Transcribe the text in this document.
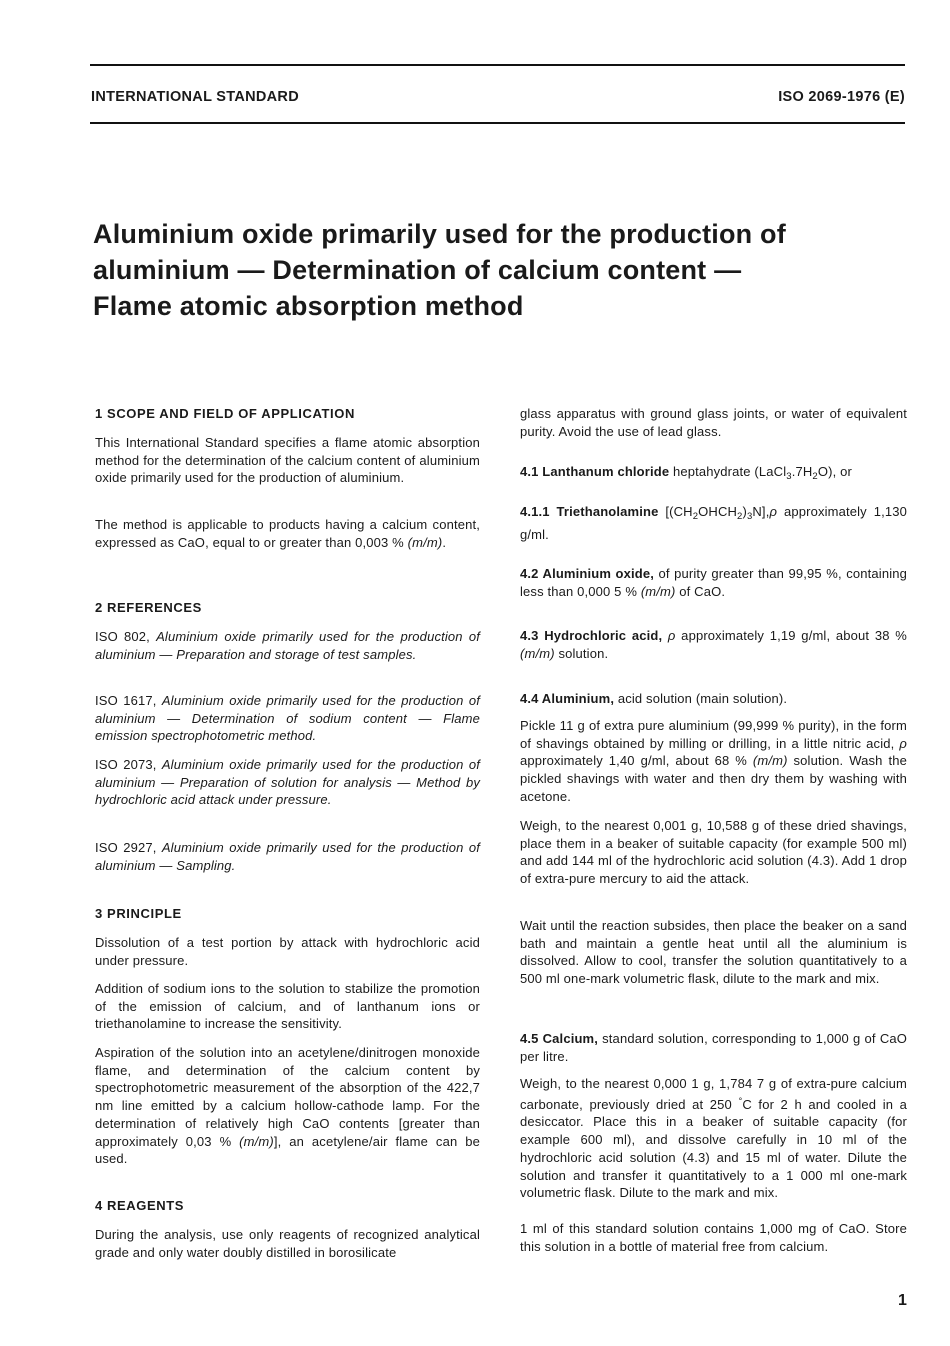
INTERNATIONAL STANDARD	ISO 2069-1976 (E)
Aluminium oxide primarily used for the production of
aluminium — Determination of calcium content —
Flame atomic absorption method
1 SCOPE AND FIELD OF APPLICATION
This International Standard specifies a flame atomic absorption method for the determination of the calcium content of aluminium oxide primarily used for the production of aluminium.
The method is applicable to products having a calcium content, expressed as CaO, equal to or greater than 0,003 % (m/m).
2 REFERENCES
ISO 802, Aluminium oxide primarily used for the production of aluminium — Preparation and storage of test samples.
ISO 1617, Aluminium oxide primarily used for the production of aluminium — Determination of sodium content — Flame emission spectrophotometric method.
ISO 2073, Aluminium oxide primarily used for the production of aluminium — Preparation of solution for analysis — Method by hydrochloric acid attack under pressure.
ISO 2927, Aluminium oxide primarily used for the production of aluminium — Sampling.
3 PRINCIPLE
Dissolution of a test portion by attack with hydrochloric acid under pressure.
Addition of sodium ions to the solution to stabilize the promotion of the emission of calcium, and of lanthanum ions or triethanolamine to increase the sensitivity.
Aspiration of the solution into an acetylene/dinitrogen monoxide flame, and determination of the calcium content by spectrophotometric measurement of the absorption of the 422,7 nm line emitted by a calcium hollow-cathode lamp. For the determination of relatively high CaO contents [greater than approximately 0,03 % (m/m)], an acetylene/air flame can be used.
4 REAGENTS
During the analysis, use only reagents of recognized analytical grade and only water doubly distilled in borosilicate
glass apparatus with ground glass joints, or water of equivalent purity. Avoid the use of lead glass.
4.1 Lanthanum chloride heptahydrate $(LaCl_3.7H_2O)$, or
4.1.1 Triethanolamine $[(CH_2OHCH_2)_3N],\rho$ approximately 1,130 g/ml.
4.2 Aluminium oxide, of purity greater than 99,95 %, containing less than 0,000 5 % (m/m) of CaO.
4.3 Hydrochloric acid, ρ approximately 1,19 g/ml, about 38 % (m/m) solution.
4.4 Aluminium, acid solution (main solution).
Pickle 11 g of extra pure aluminium (99,999 % purity), in the form of shavings obtained by milling or drilling, in a little nitric acid, ρ approximately 1,40 g/ml, about 68 % (m/m) solution. Wash the pickled shavings with water and then dry them by washing with acetone.
Weigh, to the nearest 0,001 g, 10,588 g of these dried shavings, place them in a beaker of suitable capacity (for example 500 ml) and add 144 ml of the hydrochloric acid solution (4.3). Add 1 drop of extra-pure mercury to aid the attack.
Wait until the reaction subsides, then place the beaker on a sand bath and maintain a gentle heat until all the aluminium is dissolved. Allow to cool, transfer the solution quantitatively to a 500 ml one-mark volumetric flask, dilute to the mark and mix.
4.5 Calcium, standard solution, corresponding to 1,000 g of CaO per litre.
Weigh, to the nearest 0,000 1 g, 1,784 7 g of extra-pure calcium carbonate, previously dried at 250 °C for 2 h and cooled in a desiccator. Place this in a beaker of suitable capacity (for example 600 ml), and dissolve carefully in 10 ml of the hydrochloric acid solution (4.3) and 15 ml of water. Dilute the solution and transfer it quantitatively to a 1 000 ml one-mark volumetric flask. Dilute to the mark and mix.
1 ml of this standard solution contains 1,000 mg of CaO. Store this solution in a bottle of material free from calcium.
1
